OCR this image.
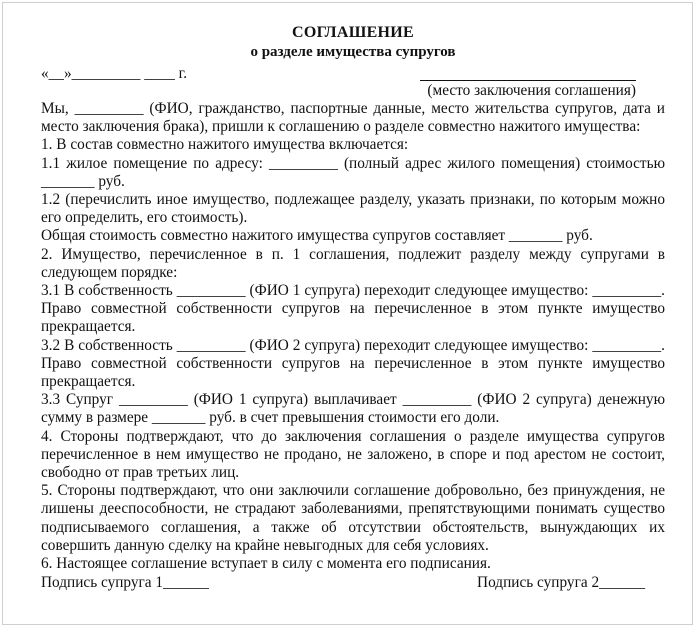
СОГЛАШЕНИЕ

о разделе имущества супругов

«__»_________ ____ г.
(место заключения соглашения)

Мы, _________ (ФИО, гражданство, паспортные данные, место жительства супругов, дата и место заключения брака), пришли к соглашению о разделе совместно нажитого имущества:

1. В состав совместно нажитого имущества включается:

1.1 жилое помещение по адресу: _________ (полный адрес жилого помещения) стоимостью _______ руб.

1.2 (перечислить иное имущество, подлежащее разделу, указать признаки, по которым можно его определить, его стоимость).

Общая стоимость совместно нажитого имущества супругов составляет _______ руб.

2. Имущество, перечисленное в п. 1 соглашения, подлежит разделу между супругами в следующем порядке:

3.1 В собственность _________ (ФИО 1 супруга) переходит следующее имущество: _________. Право совместной собственности супругов на перечисленное в этом пункте имущество прекращается.

3.2 В собственность _________ (ФИО 2 супруга) переходит следующее имущество: _________. Право совместной собственности супругов на перечисленное в этом пункте имущество прекращается.

3.3 Супруг _________ (ФИО 1 супруга) выплачивает _________ (ФИО 2 супруга) денежную сумму в размере _______ руб. в счет превышения стоимости его доли.

4. Стороны подтверждают, что до заключения соглашения о разделе имущества супругов перечисленное в нем имущество не продано, не заложено, в споре и под арестом не состоит, свободно от прав третьих лиц.

5. Стороны подтверждают, что они заключили соглашение добровольно, без принуждения, не лишены дееспособности, не страдают заболеваниями, препятствующими понимать существо подписываемого соглашения, а также об отсутствии обстоятельств, вынуждающих их совершить данную сделку на крайне невыгодных для себя условиях.

6. Настоящее соглашение вступает в силу с момента его подписания.

Подпись супруга 1______	Подпись супруга 2______
